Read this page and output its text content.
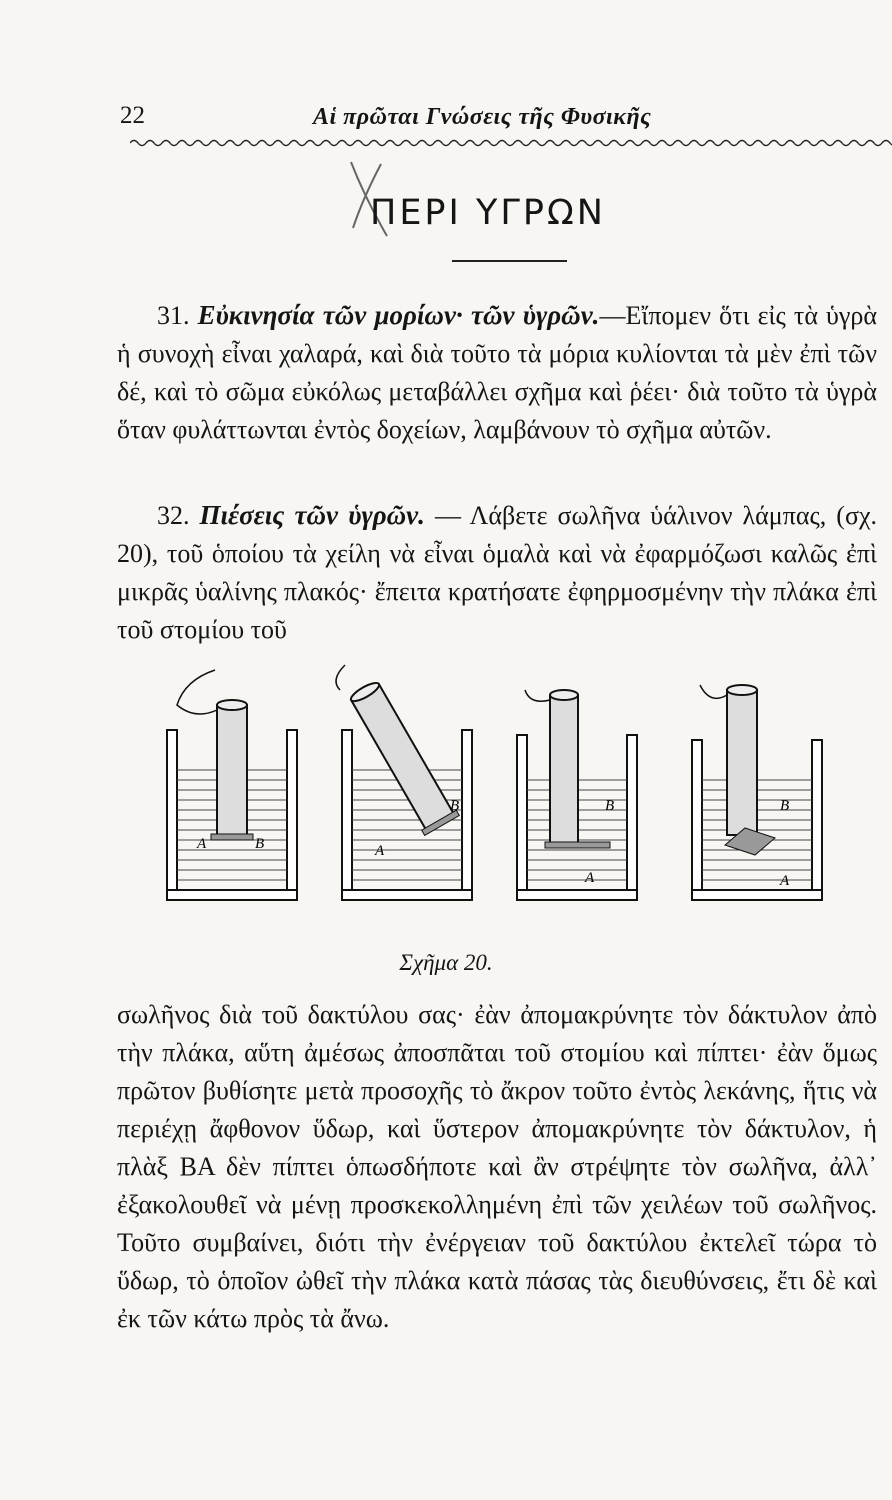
22	Αἱ πρῶται Γνώσεις τῆς Φυσικῆς
ΠΕΡΙ ΥΓΡΩΝ
31. Εὐκινησία τῶν μορίων· τῶν ὑγρῶν.—Εἴπομεν ὅτι εἰς τὰ ὑγρὰ ἡ συνοχὴ εἶναι χαλαρά, καὶ διὰ τοῦτο τὰ μόρια κυλίονται τὰ μὲν ἐπὶ τῶν δέ, καὶ τὸ σῶμα εὐκόλως μεταβάλλει σχῆμα καὶ ῥέει· διὰ τοῦτο τὰ ὑγρὰ ὅταν φυλάττωνται ἐντὸς δοχείων, λαμβάνουν τὸ σχῆμα αὐτῶν.
32. Πιέσεις τῶν ὑγρῶν. — Λάβετε σωλῆνα ὑάλινον λάμπας, (σχ. 20), τοῦ ὁποίου τὰ χείλη νὰ εἶναι ὁμαλὰ καὶ νὰ ἐφαρμόζωσι καλῶς ἐπὶ μικρᾶς ὑαλίνης πλακός· ἔπειτα κρατήσατε ἐφηρμοσμένην τὴν πλάκα ἐπὶ τοῦ στομίου τοῦ
A	B	A
B	B
A
B
A
Σχῆμα 20.
σωλῆνος διὰ τοῦ δακτύλου σας· ἐὰν ἀπομακρύνητε τὸν δάκτυλον ἀπὸ τὴν πλάκα, αὕτη ἀμέσως ἀποσπᾶται τοῦ στομίου καὶ πίπτει· ἐὰν ὅμως πρῶτον βυθίσητε μετὰ προσοχῆς τὸ ἄκρον τοῦτο ἐντὸς λεκάνης, ἥτις νὰ περιέχῃ ἄφθονον ὕδωρ, καὶ ὕστερον ἀπομακρύνητε τὸν δάκτυλον, ἡ πλὰξ ΒΑ δὲν πίπτει ὁπωσδήποτε καὶ ἂν στρέψητε τὸν σωλῆνα, ἀλλ᾽ ἐξακολουθεῖ νὰ μένῃ προσκεκολλημένη ἐπὶ τῶν χειλέων τοῦ σωλῆνος. Τοῦτο συμβαίνει, διότι τὴν ἐνέργειαν τοῦ δακτύλου ἐκτελεῖ τώρα τὸ ὕδωρ, τὸ ὁποῖον ὠθεῖ τὴν πλάκα κατὰ πάσας τὰς διευθύνσεις, ἔτι δὲ καὶ ἐκ τῶν κάτω πρὸς τὰ ἄνω.
